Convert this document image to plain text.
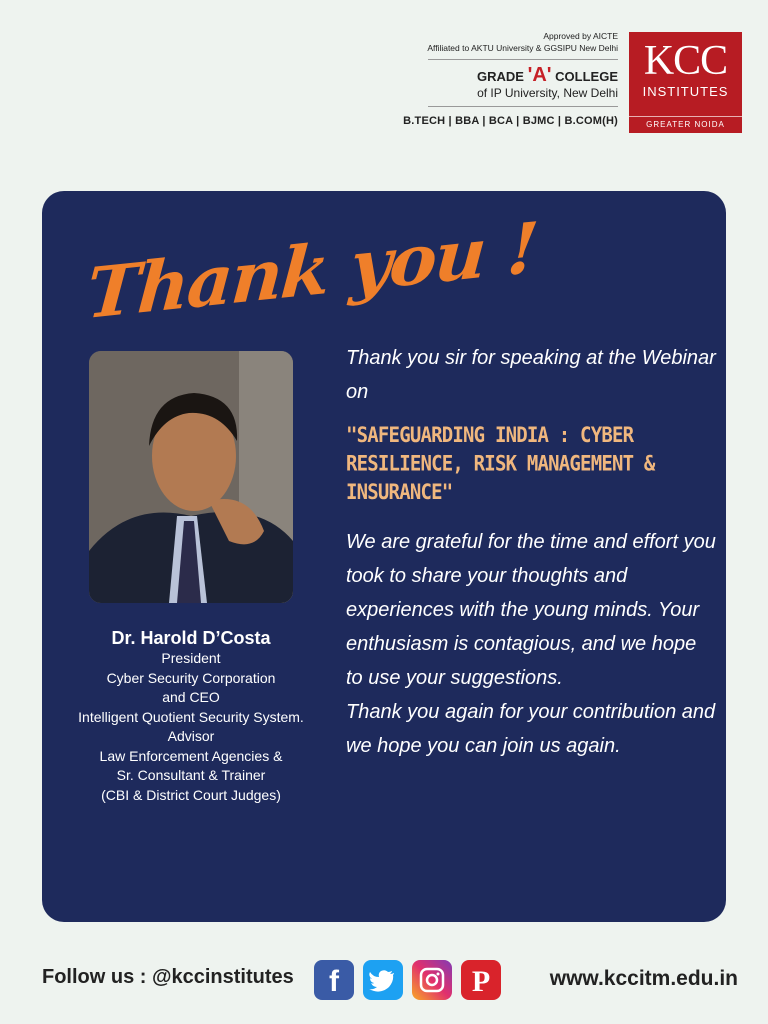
Approved by AICTE
Affiliated to AKTU University & GGSIPU New Delhi
GRADE 'A' COLLEGE
of IP University, New Delhi
B.TECH | BBA | BCA | BJMC | B.COM(H)
KCC
INSTITUTES
GREATER NOIDA
Thank you !
Dr. Harold D’Costa
President
Cyber Security Corporation
and CEO
Intelligent Quotient Security System.
Advisor
Law Enforcement Agencies &
Sr. Consultant & Trainer
(CBI & District Court Judges)
Thank you sir for speaking at the Webinar on
"SAFEGUARDING INDIA : CYBER RESILIENCE, RISK MANAGEMENT & INSURANCE"
We are grateful for the time and effort you took to share your thoughts and experiences with the young minds. Your enthusiasm is contagious, and we hope to use your suggestions.
Thank you again for your contribution and we hope you can join us again.
Follow us : @kccinstitutes	f	P	www.kccitm.edu.in
